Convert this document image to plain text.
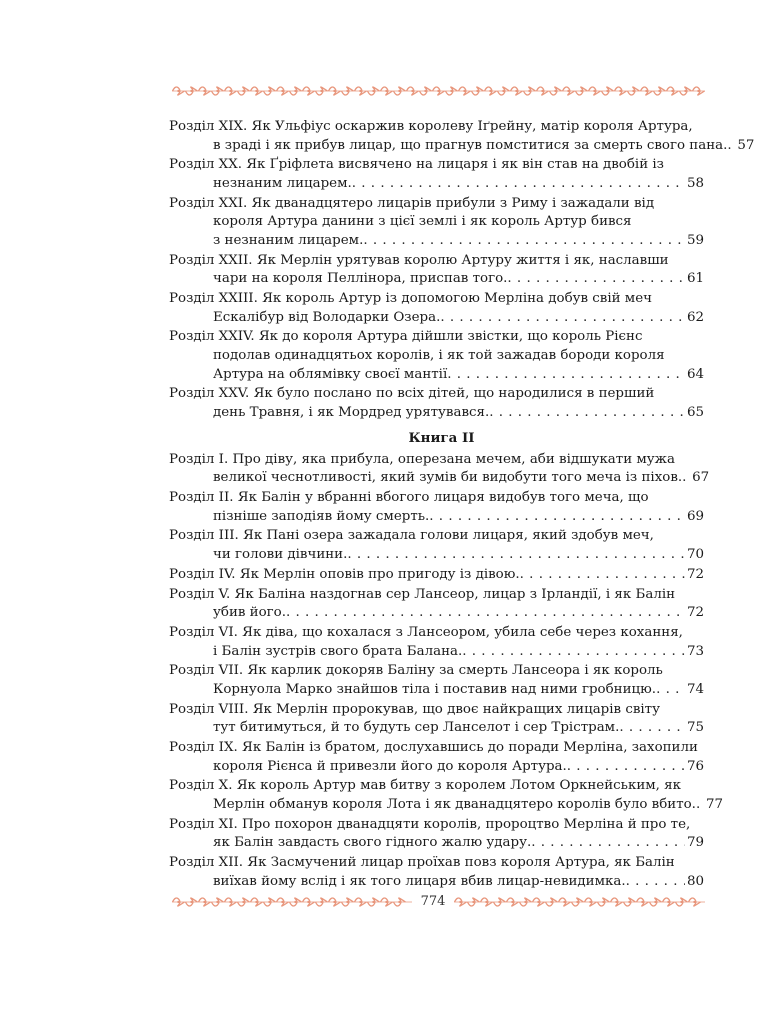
Розділ XIX. Як Ульфіус оскаржив королеву Іґрейну, матір короля Артура,
в зраді і як прибув лицар, що прагнув помститися за смерть свого пана. . . . 57
Розділ XX. Як Ґріфлета висвячено на лицаря і як він став на двобій із
незнаним лицарем. . . .	58
Розділ XXI. Як дванадцятеро лицарів прибули з Риму і зажадали від
короля Артура данини з цієї землі і як король Артур бився
з незнаним лицарем. . . .	59
Розділ XXII. Як Мерлін урятував королю Артуру життя і як, наславши
чари на короля Пеллінора, приспав того. . . .	61
Розділ XXIII. Як король Артур із допомогою Мерліна добув свій меч
Ескалібур від Володарки Озера. . . .	62
Розділ XXIV. Як до короля Артура дійшли звістки, що король Рієнс
подолав одинадцятьох королів, і як той зажадав бороди короля
Артура на облямівку своєї мантії . . .	64
Розділ XXV. Як було послано по всіх дітей, що народилися в перший
день Травня, і як Мордред урятувався. . . .	65
Книга ІІ
Розділ I. Про діву, яка прибула, оперезана мечем, аби відшукати мужа
великої чеснотливості, який зумів би видобути того меча із піхов. . . . 67
Розділ II. Як Балін у вбранні вбогого лицаря видобув того меча, що
пізніше заподіяв йому смерть. . . .	69
Розділ III. Як Пані озера зажадала голови лицаря, який здобув меч,
чи голови дівчини. . . .	70
Розділ IV. Як Мерлін оповів про пригоду із дівою. . . .	72
Розділ V. Як Баліна наздогнав сер Лансеор, лицар з Ірландії, і як Балін
убив його. . . .	72
Розділ VI. Як діва, що кохалася з Лансеором, убила себе через кохання,
і Балін зустрів свого брата Балана. . . .	73
Розділ VII. Як карлик докоряв Баліну за смерть Лансеора і як король
Корнуола Марко знайшов тіла і поставив над ними гробницю. . . . 74
Розділ VIII. Як Мерлін пророкував, що двоє найкращих лицарів світу
тут битимуться, й то будуть сер Ланселот і сер Трістрам. . . .	75
Розділ IX. Як Балін із братом, дослухавшись до поради Мерліна, захопили
короля Рієнса й привезли його до короля Артура. . . .	76
Розділ X. Як король Артур мав битву з королем Лотом Оркнейським, як
Мерлін обманув короля Лота і як дванадцятеро королів було вбито. . . . 77
Розділ XI. Про похорон дванадцяти королів, пророцтво Мерліна й про те,
як Балін завдасть свого гідного жалю удару. . . .	79
Розділ XII. Як Засмучений лицар проїхав повз короля Артура, як Балін
виїхав йому вслід і як того лицаря вбив лицар-невидимка. . . .	80
774
